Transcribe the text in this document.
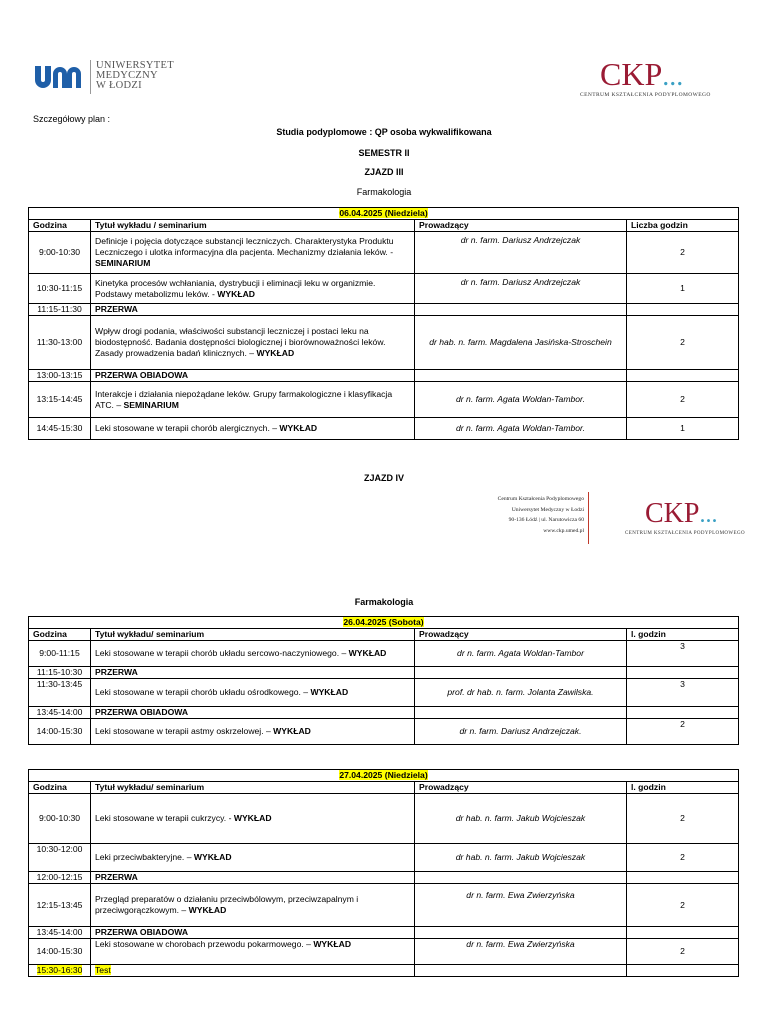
UNIWERSYTET
MEDYCZNY
W ŁODZI	CKP...
CENTRUM KSZTAŁCENIA PODYPLOMOWEGO
Szczegółowy plan :
Studia podyplomowe : QP osoba wykwalifikowana
SEMESTR II
ZJAZD III
Farmakologia
06.04.2025 (Niedziela)			
Godzina	Tytuł wykładu / seminarium	Prowadzący	Liczba godzin
9:00-10:30	Definicje i pojęcia dotyczące substancji leczniczych. Charakterystyka Produktu Leczniczego i ulotka informacyjna dla pacjenta. Mechanizmy działania leków. - SEMINARIUM	dr n. farm. Dariusz Andrzejczak	2
10:30-11:15	Kinetyka procesów wchłaniania, dystrybucji i eliminacji leku w organizmie. Podstawy metabolizmu leków. - WYKŁAD	dr n. farm. Dariusz Andrzejczak	1
11:15-11:30	PRZERWA		
11:30-13:00	Wpływ drogi podania, właściwości substancji leczniczej i postaci leku na biodostępność. Badania dostępności biologicznej i biorównoważności leków. Zasady prowadzenia badań klinicznych. – WYKŁAD	dr hab. n. farm. Magdalena Jasińska-Stroschein	2
13:00-13:15	PRZERWA OBIADOWA		
13:15-14:45	Interakcje i działania niepożądane leków. Grupy farmakologiczne i klasyfikacja ATC. – SEMINARIUM	dr n. farm. Agata Woldan-Tambor.	2
14:45-15:30	Leki stosowane w terapii chorób alergicznych. – WYKŁAD	dr n. farm. Agata Woldan-Tambor.	1
ZJAZD IV
Centrum Kształcenia Podyplomowego
Uniwersytet Medyczny w Łodzi
90-136 Łódź | ul. Narutowicza 60
www.ckp.umed.pl
CKP...
CENTRUM KSZTAŁCENIA PODYPLOMOWEGO
Farmakologia
26.04.2025 (Sobota)			
Godzina	Tytuł wykładu/ seminarium	Prowadzący	l. godzin
9:00-11:15	Leki stosowane w terapii chorób układu sercowo-naczyniowego. – WYKŁAD	dr n. farm. Agata Woldan-Tambor	3
11:15-10:30	PRZERWA		
11:30-13:45	Leki stosowane w terapii chorób układu ośrodkowego. – WYKŁAD	prof. dr hab. n. farm. Jolanta Zawilska.	3
13:45-14:00	PRZERWA OBIADOWA		
14:00-15:30	Leki stosowane w terapii astmy oskrzelowej. – WYKŁAD	dr n. farm. Dariusz Andrzejczak.	2
27.04.2025 (Niedziela)			
Godzina	Tytuł wykładu/ seminarium	Prowadzący	l. godzin
9:00-10:30	Leki stosowane w terapii cukrzycy. - WYKŁAD	dr hab. n. farm. Jakub Wojcieszak	2
10:30-12:00	Leki przeciwbakteryjne. – WYKŁAD	dr hab. n. farm. Jakub Wojcieszak	2
12:00-12:15	PRZERWA		
12:15-13:45	Przegląd preparatów o działaniu przeciwbólowym, przeciwzapalnym i przeciwgorączkowym. – WYKŁAD	dr n. farm. Ewa Zwierzyńska	2
13:45-14:00	PRZERWA OBIADOWA		
14:00-15:30	Leki stosowane w chorobach przewodu pokarmowego. – WYKŁAD	dr n. farm. Ewa Zwierzyńska	2
15:30-16:30	Test		
